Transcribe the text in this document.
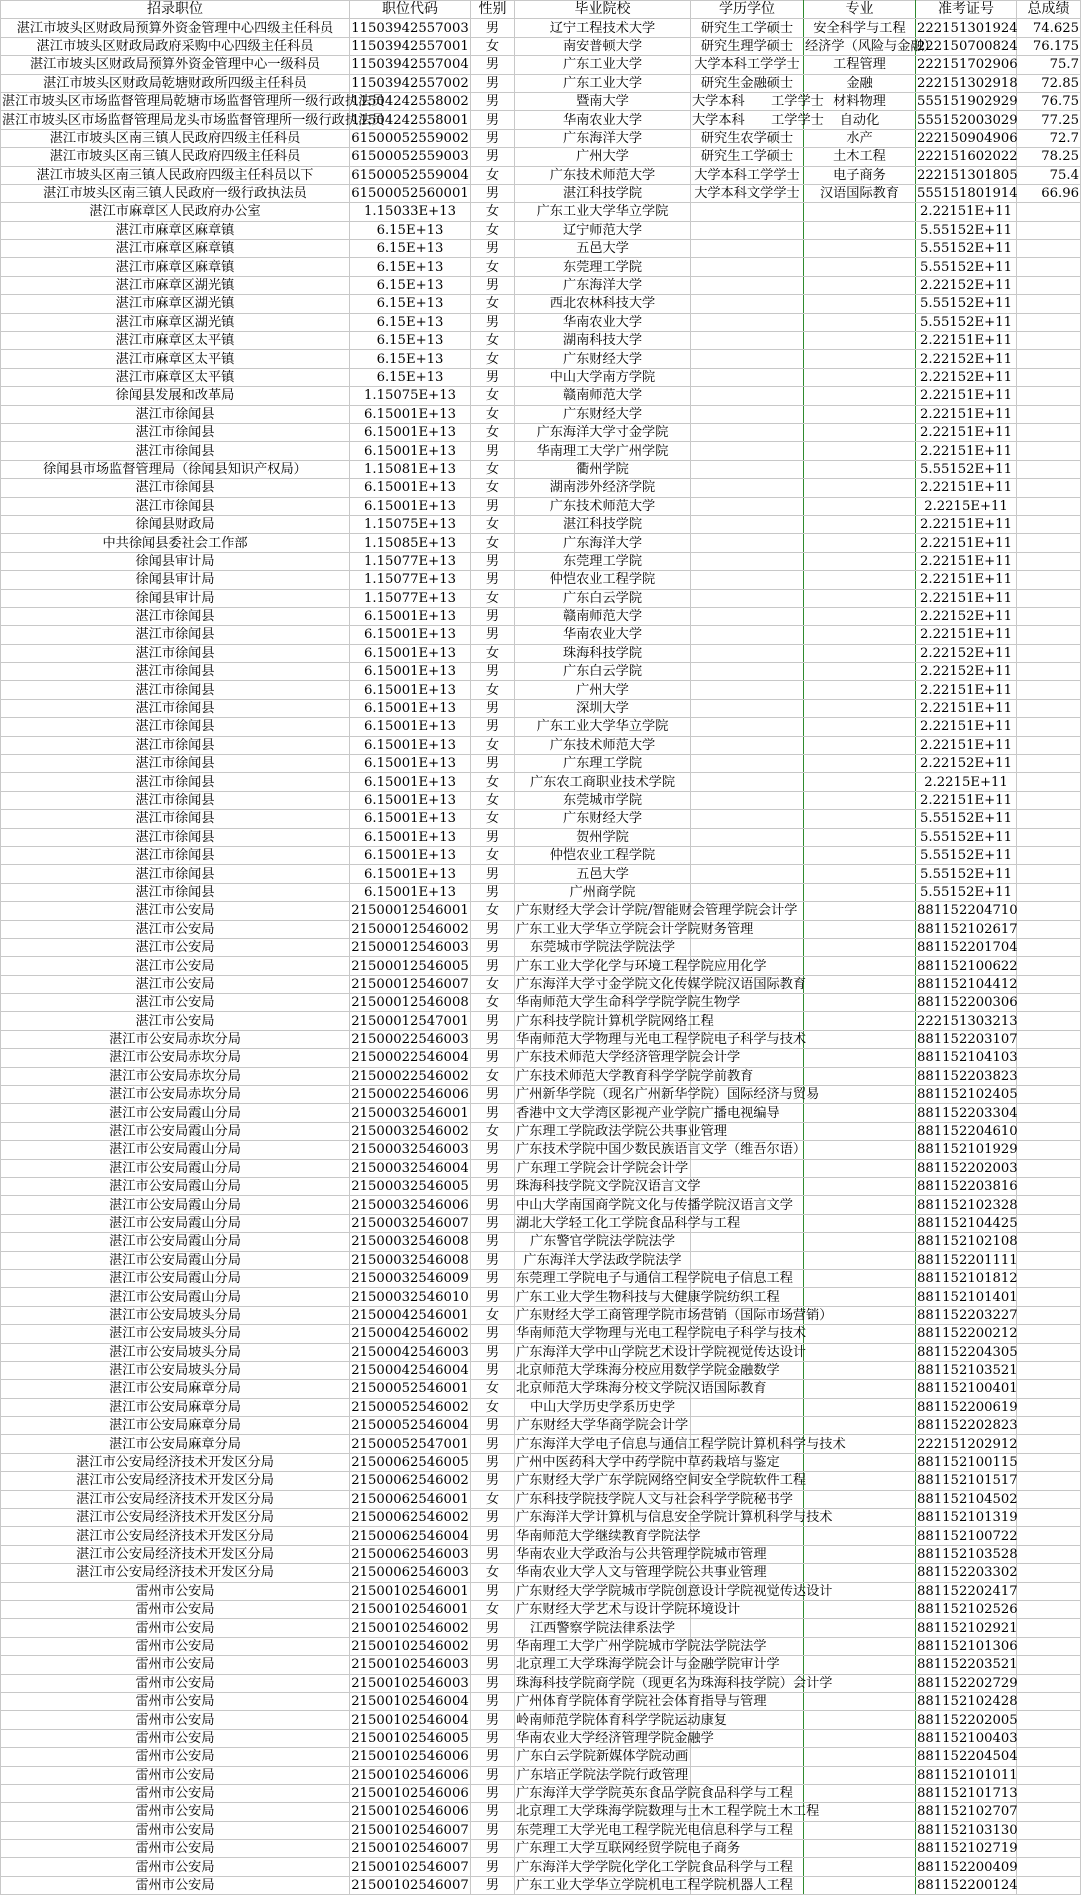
招录职位	职位代码	性别	毕业院校	学历学位	专业	准考证号	总成绩
湛江市坡头区财政局预算外资金管理中心四级主任科员	11503942557003	男	辽宁工程技术大学	研究生工学硕士	安全科学与工程	222151301924	74.625
湛江市坡头区财政局政府采购中心四级主任科员	11503942557001	女	南安普顿大学	研究生理学硕士	经济学（风险与金融）	222150700824	76.175
湛江市坡头区财政局预算外资金管理中心一级科员	11503942557004	男	广东工业大学	大学本科工学学士	工程管理	222151702906	75.7
湛江市坡头区财政局乾塘财政所四级主任科员	11503942557002	男	广东工业大学	研究生金融硕士	金融	222151302918	72.85
湛江市坡头区市场监督管理局乾塘市场监督管理所一级行政执法员	11504242558002	男	暨南大学	大学本科　　工学学士	材料物理	555151902929	76.75
湛江市坡头区市场监督管理局龙头市场监督管理所一级行政执法员	11504242558001	男	华南农业大学	大学本科　　工学学士	自动化	555152003029	77.25
湛江市坡头区南三镇人民政府四级主任科员	61500052559002	男	广东海洋大学	研究生农学硕士	水产	222150904906	72.7
湛江市坡头区南三镇人民政府四级主任科员	61500052559003	男	广州大学	研究生工学硕士	土木工程	222151602022	78.25
湛江市坡头区南三镇人民政府四级主任科员以下	61500052559004	女	广东技术师范大学	大学本科工学学士	电子商务	222151301805	75.4
湛江市坡头区南三镇人民政府一级行政执法员	61500052560001	男	湛江科技学院	大学本科文学学士	汉语国际教育	555151801914	66.96
湛江市麻章区人民政府办公室	1.15033E+13	女	广东工业大学华立学院			2.22151E+11	
湛江市麻章区麻章镇	6.15E+13	女	辽宁师范大学			5.55152E+11	
湛江市麻章区麻章镇	6.15E+13	男	五邑大学			5.55152E+11	
湛江市麻章区麻章镇	6.15E+13	女	东莞理工学院			5.55152E+11	
湛江市麻章区湖光镇	6.15E+13	男	广东海洋大学			2.22152E+11	
湛江市麻章区湖光镇	6.15E+13	女	西北农林科技大学			5.55152E+11	
湛江市麻章区湖光镇	6.15E+13	男	华南农业大学			5.55152E+11	
湛江市麻章区太平镇	6.15E+13	女	湖南科技大学			2.22151E+11	
湛江市麻章区太平镇	6.15E+13	女	广东财经大学			2.22152E+11	
湛江市麻章区太平镇	6.15E+13	男	中山大学南方学院			2.22152E+11	
徐闻县发展和改革局	1.15075E+13	女	赣南师范大学			2.22151E+11	
湛江市徐闻县	6.15001E+13	女	广东财经大学			2.22151E+11	
湛江市徐闻县	6.15001E+13	女	广东海洋大学寸金学院			2.22151E+11	
湛江市徐闻县	6.15001E+13	男	华南理工大学广州学院			2.22151E+11	
徐闻县市场监督管理局（徐闻县知识产权局）	1.15081E+13	女	衢州学院			5.55152E+11	
湛江市徐闻县	6.15001E+13	女	湖南涉外经济学院			2.22151E+11	
湛江市徐闻县	6.15001E+13	男	广东技术师范大学			2.2215E+11	
徐闻县财政局	1.15075E+13	女	湛江科技学院			2.22151E+11	
中共徐闻县委社会工作部	1.15085E+13	女	广东海洋大学			2.22151E+11	
徐闻县审计局	1.15077E+13	男	东莞理工学院			2.22151E+11	
徐闻县审计局	1.15077E+13	男	仲恺农业工程学院			2.22151E+11	
徐闻县审计局	1.15077E+13	女	广东白云学院			2.22151E+11	
湛江市徐闻县	6.15001E+13	男	赣南师范大学			2.22152E+11	
湛江市徐闻县	6.15001E+13	男	华南农业大学			2.22151E+11	
湛江市徐闻县	6.15001E+13	女	珠海科技学院			2.22152E+11	
湛江市徐闻县	6.15001E+13	男	广东白云学院			2.22152E+11	
湛江市徐闻县	6.15001E+13	女	广州大学			2.22151E+11	
湛江市徐闻县	6.15001E+13	男	深圳大学			2.22151E+11	
湛江市徐闻县	6.15001E+13	男	广东工业大学华立学院			2.22151E+11	
湛江市徐闻县	6.15001E+13	女	广东技术师范大学			2.22151E+11	
湛江市徐闻县	6.15001E+13	男	广东理工学院			2.22152E+11	
湛江市徐闻县	6.15001E+13	女	广东农工商职业技术学院			2.2215E+11	
湛江市徐闻县	6.15001E+13	女	东莞城市学院			2.22151E+11	
湛江市徐闻县	6.15001E+13	女	广东财经大学			5.55152E+11	
湛江市徐闻县	6.15001E+13	男	贺州学院			5.55152E+11	
湛江市徐闻县	6.15001E+13	女	仲恺农业工程学院			5.55152E+11	
湛江市徐闻县	6.15001E+13	男	五邑大学			5.55152E+11	
湛江市徐闻县	6.15001E+13	男	广州商学院			5.55152E+11	
湛江市公安局	21500012546001	女	广东财经大学会计学院/智能财会管理学院会计学			881152204710	
湛江市公安局	21500012546002	男	广东工业大学华立学院会计学院财务管理			881152102617	
湛江市公安局	21500012546003	男	东莞城市学院法学院法学			881152201704	
湛江市公安局	21500012546005	男	广东工业大学化学与环境工程学院应用化学			881152100622	
湛江市公安局	21500012546007	女	广东海洋大学寸金学院文化传媒学院汉语国际教育			881152104412	
湛江市公安局	21500012546008	女	华南师范大学生命科学学院学院生物学			881152200306	
湛江市公安局	21500012547001	男	广东科技学院计算机学院网络工程			222151303213	
湛江市公安局赤坎分局	21500022546003	男	华南师范大学物理与光电工程学院电子科学与技术			881152203107	
湛江市公安局赤坎分局	21500022546004	男	广东技术师范大学经济管理学院会计学			881152104103	
湛江市公安局赤坎分局	21500022546002	女	广东技术师范大学教育科学学院学前教育			881152203823	
湛江市公安局赤坎分局	21500022546006	男	广州新华学院（现名广州新华学院）国际经济与贸易			881152102405	
湛江市公安局霞山分局	21500032546001	男	香港中文大学湾区影视产业学院广播电视编导			881152203304	
湛江市公安局霞山分局	21500032546002	女	广东理工学院政法学院公共事业管理			881152204610	
湛江市公安局霞山分局	21500032546003	男	广东技术学院中国少数民族语言文学（维吾尔语）			881152101929	
湛江市公安局霞山分局	21500032546004	男	广东理工学院会计学院会计学			881152202003	
湛江市公安局霞山分局	21500032546005	男	珠海科技学院文学院汉语言文学			881152203816	
湛江市公安局霞山分局	21500032546006	男	中山大学南国商学院文化与传播学院汉语言文学			881152102328	
湛江市公安局霞山分局	21500032546007	男	湖北大学轻工化工学院食品科学与工程			881152104425	
湛江市公安局霞山分局	21500032546008	男	广东警官学院法学院法学			881152102108	
湛江市公安局霞山分局	21500032546008	男	广东海洋大学法政学院法学			881152201111	
湛江市公安局霞山分局	21500032546009	男	东莞理工学院电子与通信工程学院电子信息工程			881152101812	
湛江市公安局霞山分局	21500032546010	男	广东工业大学生物科技与大健康学院纺织工程			881152101401	
湛江市公安局坡头分局	21500042546001	女	广东财经大学工商管理学院市场营销（国际市场营销）			881152203227	
湛江市公安局坡头分局	21500042546002	男	华南师范大学物理与光电工程学院电子科学与技术			881152200212	
湛江市公安局坡头分局	21500042546003	男	广东海洋大学中山学院艺术设计学院视觉传达设计			881152204305	
湛江市公安局坡头分局	21500042546004	男	北京师范大学珠海分校应用数学学院金融数学			881152103521	
湛江市公安局麻章分局	21500052546001	女	北京师范大学珠海分校文学院汉语国际教育			881152100401	
湛江市公安局麻章分局	21500052546002	女	中山大学历史学系历史学			881152200619	
湛江市公安局麻章分局	21500052546004	男	广东财经大学华商学院会计学			881152202823	
湛江市公安局麻章分局	21500052547001	男	广东海洋大学电子信息与通信工程学院计算机科学与技术			222151202912	
湛江市公安局经济技术开发区分局	21500062546005	男	广州中医药科大学中药学院中草药栽培与鉴定			881152100115	
湛江市公安局经济技术开发区分局	21500062546002	男	广东财经大学广东学院网络空间安全学院软件工程			881152101517	
湛江市公安局经济技术开发区分局	21500062546001	女	广东科技学院技学院人文与社会科学学院秘书学			881152104502	
湛江市公安局经济技术开发区分局	21500062546002	男	广东海洋大学计算机与信息安全学院计算机科学与技术			881152101319	
湛江市公安局经济技术开发区分局	21500062546004	男	华南师范大学继续教育学院法学			881152100722	
湛江市公安局经济技术开发区分局	21500062546003	男	华南农业大学政治与公共管理学院城市管理			881152103528	
湛江市公安局经济技术开发区分局	21500062546003	女	华南农业大学人文与管理学院公共事业管理			881152203302	
雷州市公安局	21500102546001	男	广东财经大学学院城市学院创意设计学院视觉传达设计			881152202417	
雷州市公安局	21500102546001	女	广东财经大学艺术与设计学院环境设计			881152102526	
雷州市公安局	21500102546002	男	江西警察学院法律系法学			881152102921	
雷州市公安局	21500102546002	男	华南理工大学广州学院城市学院法学院法学			881152101306	
雷州市公安局	21500102546003	男	北京理工大学珠海学院会计与金融学院审计学			881152203521	
雷州市公安局	21500102546003	男	珠海科技学院商学院（现更名为珠海科技学院）会计学			881152202729	
雷州市公安局	21500102546004	男	广州体育学院体育学院社会体育指导与管理			881152102428	
雷州市公安局	21500102546004	男	岭南师范学院体育科学学院运动康复			881152202005	
雷州市公安局	21500102546005	男	华南农业大学经济管理学院金融学			881152100403	
雷州市公安局	21500102546006	男	广东白云学院新媒体学院动画			881152204504	
雷州市公安局	21500102546006	男	广东培正学院法学院行政管理			881152101011	
雷州市公安局	21500102546006	男	广东海洋大学学院英东食品学院食品科学与工程			881152101713	
雷州市公安局	21500102546006	男	北京理工大学珠海学院数理与土木工程学院土木工程			881152102707	
雷州市公安局	21500102546007	男	东莞理工大学光电工程学院光电信息科学与工程			881152103130	
雷州市公安局	21500102546007	男	广东理工大学互联网经贸学院电子商务			881152102719	
雷州市公安局	21500102546007	男	广东海洋大学学院化学化工学院食品科学与工程			881152200409	
雷州市公安局	21500102546007	男	广东工业大学华立学院机电工程学院机器人工程			881152200124	
